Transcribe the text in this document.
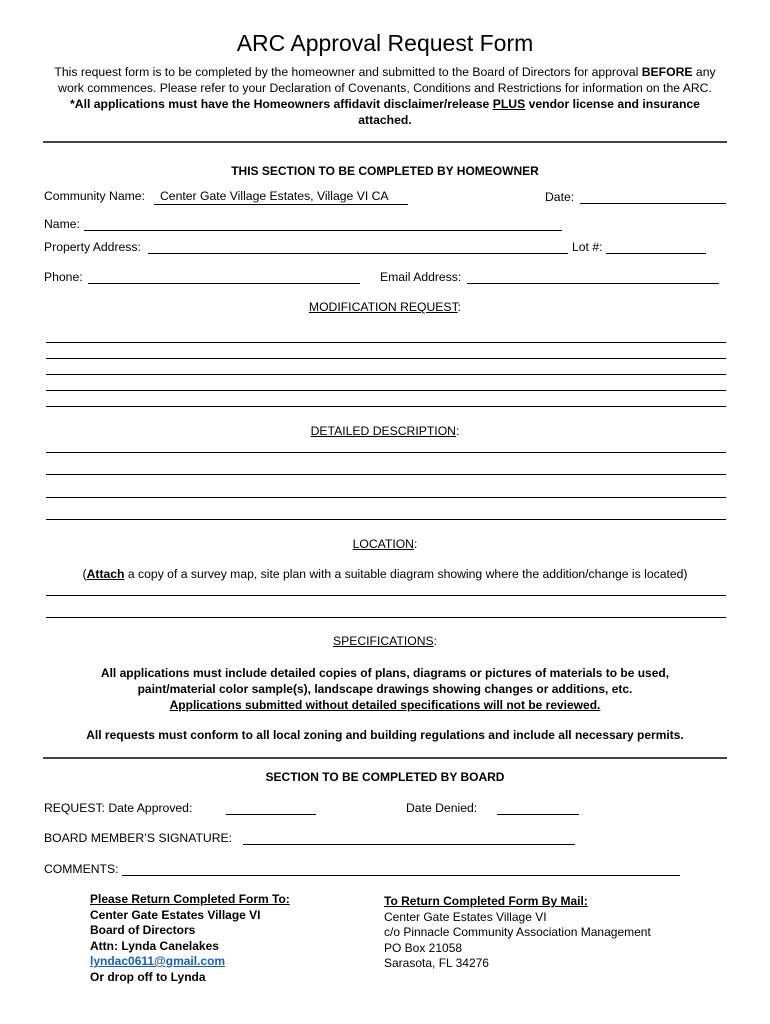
ARC Approval Request Form
This request form is to be completed by the homeowner and submitted to the Board of Directors for approval BEFORE any
work commences. Please refer to your Declaration of Covenants, Conditions and Restrictions for information on the ARC.
*All applications must have the Homeowners affidavit disclaimer/release PLUS vendor license and insurance
attached.
THIS SECTION TO BE COMPLETED BY HOMEOWNER
Community Name: Center Gate Village Estates, Village VI CA	Date:
Name:
Property Address:	Lot #:
Phone:	Email Address:
MODIFICATION REQUEST:
DETAILED DESCRIPTION:
LOCATION:
(Attach a copy of a survey map, site plan with a suitable diagram showing where the addition/change is located)
SPECIFICATIONS:
All applications must include detailed copies of plans, diagrams or pictures of materials to be used,
paint/material color sample(s), landscape drawings showing changes or additions, etc.
Applications submitted without detailed specifications will not be reviewed.
All requests must conform to all local zoning and building regulations and include all necessary permits.
SECTION TO BE COMPLETED BY BOARD
REQUEST: Date Approved:	Date Denied:
BOARD MEMBER’S SIGNATURE:
COMMENTS:
Please Return Completed Form To:
Center Gate Estates Village VI
Board of Directors
Attn: Lynda Canelakes
lyndac0611@gmail.com
Or drop off to Lynda
To Return Completed Form By Mail:
Center Gate Estates Village VI
c/o Pinnacle Community Association Management
PO Box 21058
Sarasota, FL 34276
